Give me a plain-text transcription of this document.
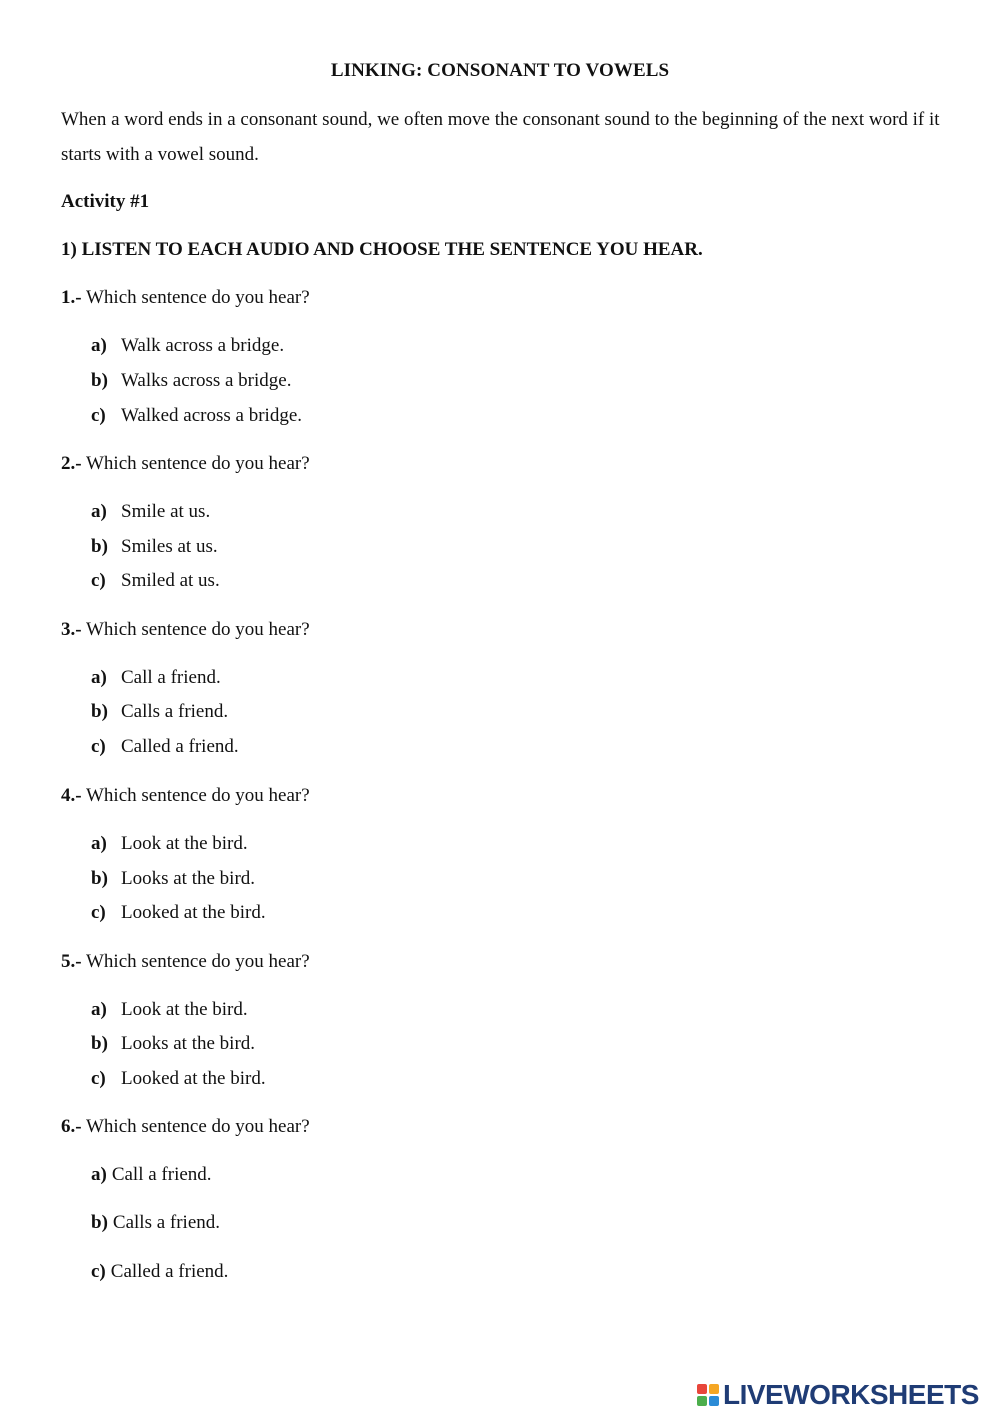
LINKING: CONSONANT TO VOWELS
When a word ends in a consonant sound, we often move the consonant sound to the beginning of the next word if it starts with a vowel sound.
Activity #1
1) LISTEN TO EACH AUDIO AND CHOOSE THE SENTENCE YOU HEAR.
1.- Which sentence do you hear?
a) Walk across a bridge.
b) Walks across a bridge.
c) Walked across a bridge.
2.- Which sentence do you hear?
a) Smile at us.
b) Smiles at us.
c) Smiled at us.
3.- Which sentence do you hear?
a) Call a friend.
b) Calls a friend.
c) Called a friend.
4.- Which sentence do you hear?
a) Look at the bird.
b) Looks at the bird.
c) Looked at the bird.
5.- Which sentence do you hear?
a) Look at the bird.
b) Looks at the bird.
c) Looked at the bird.
6.- Which sentence do you hear?
a) Call a friend.
b) Calls a friend.
c) Called a friend.
LIVEWORKSHEETS
